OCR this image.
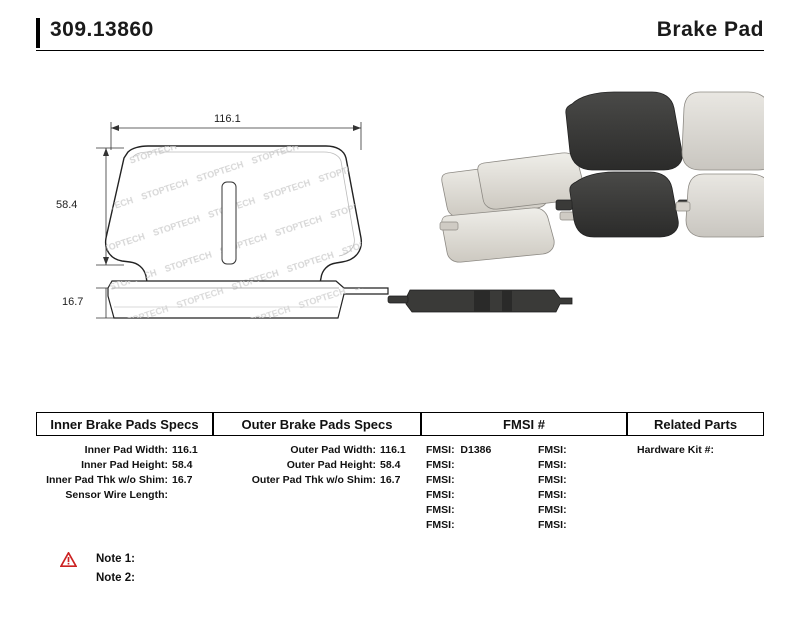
309.13860	Brake Pad
116.1
58.4
16.7
Inner Brake Pads Specs
Inner Pad Width: 116.1
Inner Pad Height: 58.4
Inner Pad Thk w/o Shim: 16.7
Sensor Wire Length:
Outer Brake Pads Specs
Outer Pad Width: 116.1
Outer Pad Height: 58.4
Outer Pad Thk w/o Shim: 16.7
FMSI #
FMSI: D1386	FMSI:
FMSI:	FMSI:
FMSI:	FMSI:
FMSI:	FMSI:
FMSI:	FMSI:
FMSI:	FMSI:
Related Parts
Hardware Kit #:
Note 1:
Note 2:
